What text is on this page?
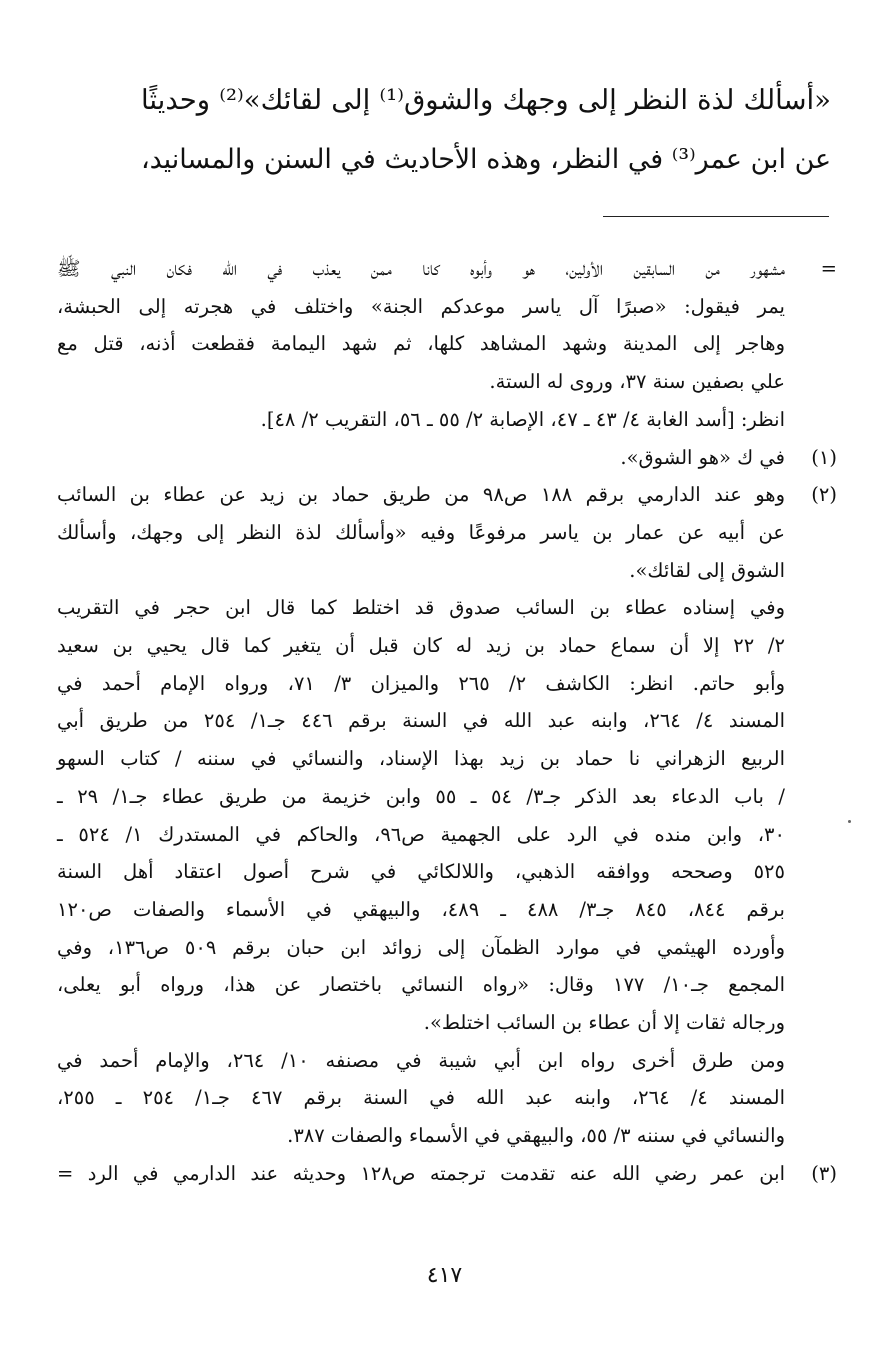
«أسألك لذة النظر إلى وجهك والشوق⁽¹⁾ إلى لقائك»⁽²⁾ وحديثًا
عن ابن عمر⁽³⁾ في النظر، وهذه الأحاديث في السنن والمسانيد،
=
مشهور من السابقين الأولين، هو وأبوه كانا ممن يعذب في الله فكان النبي ﷺ
يمر فيقول: «صبرًا آل ياسر موعدكم الجنة» واختلف في هجرته إلى الحبشة،
وهاجر إلى المدينة وشهد المشاهد كلها، ثم شهد اليمامة فقطعت أذنه، قتل مع
علي بصفين سنة ٣٧، وروى له الستة.
انظر: [أسد الغابة ٤/ ٤٣ ـ ٤٧، الإصابة ٢/ ٥٥ ـ ٥٦، التقريب ٢/ ٤٨].
(١)
في ك «هو الشوق».
(٢)
وهو عند الدارمي برقم ١٨٨ ص٩٨ من طريق حماد بن زيد عن عطاء بن السائب
عن أبيه عن عمار بن ياسر مرفوعًا وفيه «وأسألك لذة النظر إلى وجهك، وأسألك
الشوق إلى لقائك».
وفي إسناده عطاء بن السائب صدوق قد اختلط كما قال ابن حجر في التقريب
٢/ ٢٢ إلا أن سماع حماد بن زيد له كان قبل أن يتغير كما قال يحيي بن سعيد
وأبو حاتم. انظر: الكاشف ٢/ ٢٦٥ والميزان ٣/ ٧١، ورواه الإمام أحمد في
المسند ٤/ ٢٦٤، وابنه عبد الله في السنة برقم ٤٤٦ جـ١/ ٢٥٤ من طريق أبي
الربيع الزهراني نا حماد بن زيد بهذا الإسناد، والنسائي في سننه / كتاب السهو
/ باب الدعاء بعد الذكر جـ٣/ ٥٤ ـ ٥٥ وابن خزيمة من طريق عطاء جـ١/ ٢٩ ـ
٣٠، وابن منده في الرد على الجهمية ص٩٦، والحاكم في المستدرك ١/ ٥٢٤ ـ
٥٢٥ وصححه ووافقه الذهبي، واللالكائي في شرح أصول اعتقاد أهل السنة
برقم ٨٤٤، ٨٤٥ جـ٣/ ٤٨٨ ـ ٤٨٩، والبيهقي في الأسماء والصفات ص١٢٠
وأورده الهيثمي في موارد الظمآن إلى زوائد ابن حبان برقم ٥٠٩ ص١٣٦، وفي
المجمع جـ١٠/ ١٧٧ وقال: «رواه النسائي باختصار عن هذا، ورواه أبو يعلى،
ورجاله ثقات إلا أن عطاء بن السائب اختلط».
ومن طرق أخرى رواه ابن أبي شيبة في مصنفه ١٠/ ٢٦٤، والإمام أحمد في
المسند ٤/ ٢٦٤، وابنه عبد الله في السنة برقم ٤٦٧ جـ١/ ٢٥٤ ـ ٢٥٥،
والنسائي في سننه ٣/ ٥٥، والبيهقي في الأسماء والصفات ٣٨٧.
(٣)
ابن عمر رضي الله عنه تقدمت ترجمته ص١٢٨ وحديثه عند الدارمي في الرد =
٤١٧
